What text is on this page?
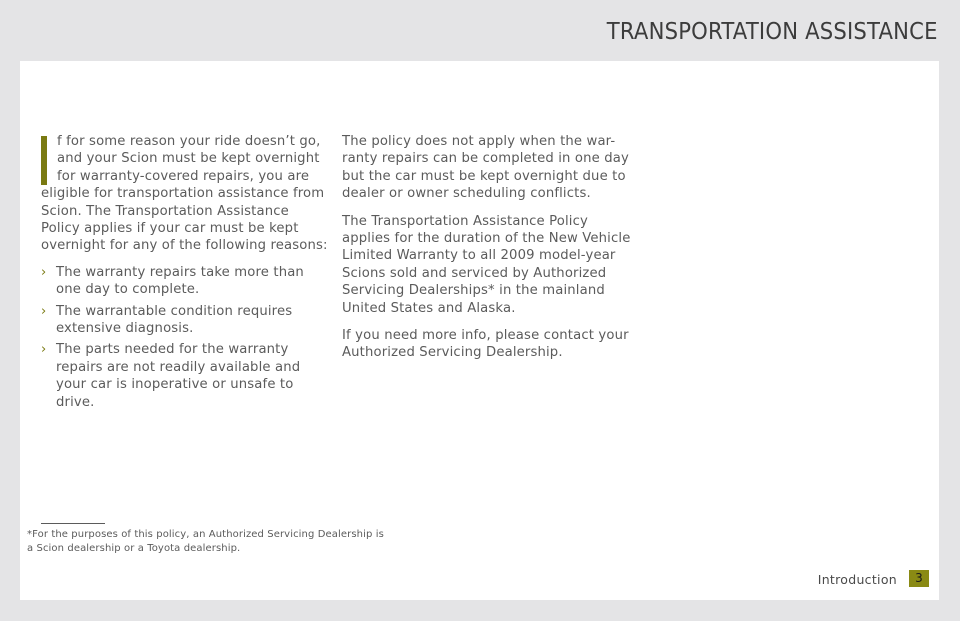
TRANSPORTATION ASSISTANCE

f for some reason your ride doesn’t go, and your Scion must be kept overnight for warranty-covered repairs, you are eligible for transportation assistance from Scion. The Transportation Assistance Policy applies if your car must be kept overnight for any of the following reasons:

› The warranty repairs take more than one day to complete.
› The warrantable condition requires extensive diagnosis.
› The parts needed for the warranty repairs are not readily available and your car is inoperative or unsafe to drive.

The policy does not apply when the war-ranty repairs can be completed in one day but the car must be kept overnight due to dealer or owner scheduling conflicts.

The Transportation Assistance Policy applies for the duration of the New Vehicle Limited Warranty to all 2009 model-year Scions sold and serviced by Authorized Servicing Dealerships* in the mainland United States and Alaska.

If you need more info, please contact your Authorized Servicing Dealership.

*For the purposes of this policy, an Authorized Servicing Dealership is a Scion dealership or a Toyota dealership.
Introduction	3
